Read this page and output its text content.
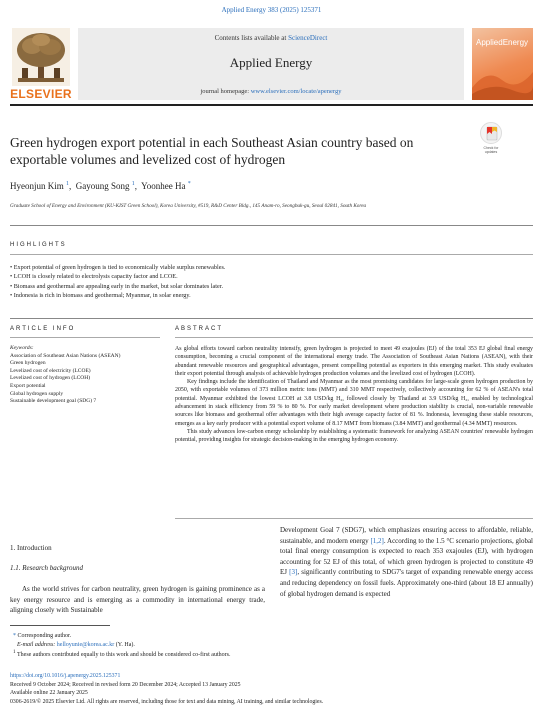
Applied Energy 383 (2025) 125371
ELSEVIER
Contents lists available at ScienceDirect
Applied Energy
journal homepage: www.elsevier.com/locate/apenergy
AppliedEnergy
Green hydrogen export potential in each Southeast Asian country based on exportable volumes and levelized cost of hydrogen
Check for updates
Hyeonjun Kim $^1$,  Gayoung Song $^1$,  Yoonhee Ha *
Graduate School of Energy and Environment (KU-KIST Green School), Korea University, #519, R&D Center Bldg., 145 Anam-ro, Seongbuk-gu, Seoul 02841, South Korea
HIGHLIGHTS
• Export potential of green hydrogen is tied to economically viable surplus renewables.
• LCOH is closely related to electrolysis capacity factor and LCOE.
• Biomass and geothermal are appealing early in the market, but solar dominates later.
• Indonesia is rich in biomass and geothermal; Myanmar, in solar energy.
ARTICLE INFO	ABSTRACT
Keywords:
Association of Southeast Asian Nations (ASEAN)
Green hydrogen
Levelized cost of electricity (LCOE)
Levelized cost of hydrogen (LCOH)
Export potential
Global hydrogen supply
Sustainable development goal (SDG) 7

As global efforts toward carbon neutrality intensify, green hydrogen is projected to meet 49 exajoules (EJ) of the total 353 EJ global final energy consumption, becoming a crucial component of the international energy trade. The Association of Southeast Asian Nations (ASEAN), with their abundant renewable resources and geographical advantages, present compelling potential as exporters in this emerging market. This study evaluates their export potential through analysis of achievable hydrogen production volumes and the levelized cost of hydrogen (LCOH).

Key findings include the identification of Thailand and Myanmar as the most promising candidates for large-scale green hydrogen production by 2050, with exportable volumes of 373 million metric tons (MMT) and 310 MMT respectively, collectively accounting for 62 % of ASEAN's total potential. Myanmar exhibited the lowest LCOH at 3.8 USD/kg H₂, followed closely by Thailand at 3.9 USD/kg H₂, enabled by technological advancement in stack efficiency from 59 % to 80 %. For early market development where production stability is crucial, non-variable renewable sources like biomass and geothermal offer advantages with their high average capacity factor of 81 %. Indonesia, leveraging these stable resources, emerges as a key early producer with a potential export volume of 8.17 MMT from biomass (3.84 MMT) and geothermal (4.34 MMT) resources.

This study advances low-carbon energy scholarship by establishing a systematic framework for analyzing ASEAN countries' renewable hydrogen potential, providing insights for strategic decision-making in the emerging hydrogen economy.

1. Introduction
1.1. Research background
As the world strives for carbon neutrality, green hydrogen is gaining prominence as a key energy resource and is emerging as a commodity in international energy trade, aligning closely with Sustainable
Development Goal 7 (SDG7), which emphasizes ensuring access to affordable, reliable, sustainable, and modern energy [1,2]. According to the 1.5 °C scenario projections, global total final energy consumption is expected to reach 353 exajoules (EJ), with hydrogen accounting for 52 EJ of this total, of which green hydrogen is projected to constitute 49 EJ [3], significantly contributing to SDG7's target of expanding renewable energy access and reducing dependency on fossil fuels. Approximately one-third (about 18 EJ annually) of global hydrogen demand is expected
* Corresponding author.
E-mail address: helloyunie@korea.ac.kr (Y. Ha).
$^1$ These authors contributed equally to this work and should be considered co-first authors.
https://doi.org/10.1016/j.apenergy.2025.125371
Received 9 October 2024; Received in revised form 20 December 2024; Accepted 13 January 2025
Available online 22 January 2025
0306-2619/© 2025 Elsevier Ltd. All rights are reserved, including those for text and data mining, AI training, and similar technologies.
